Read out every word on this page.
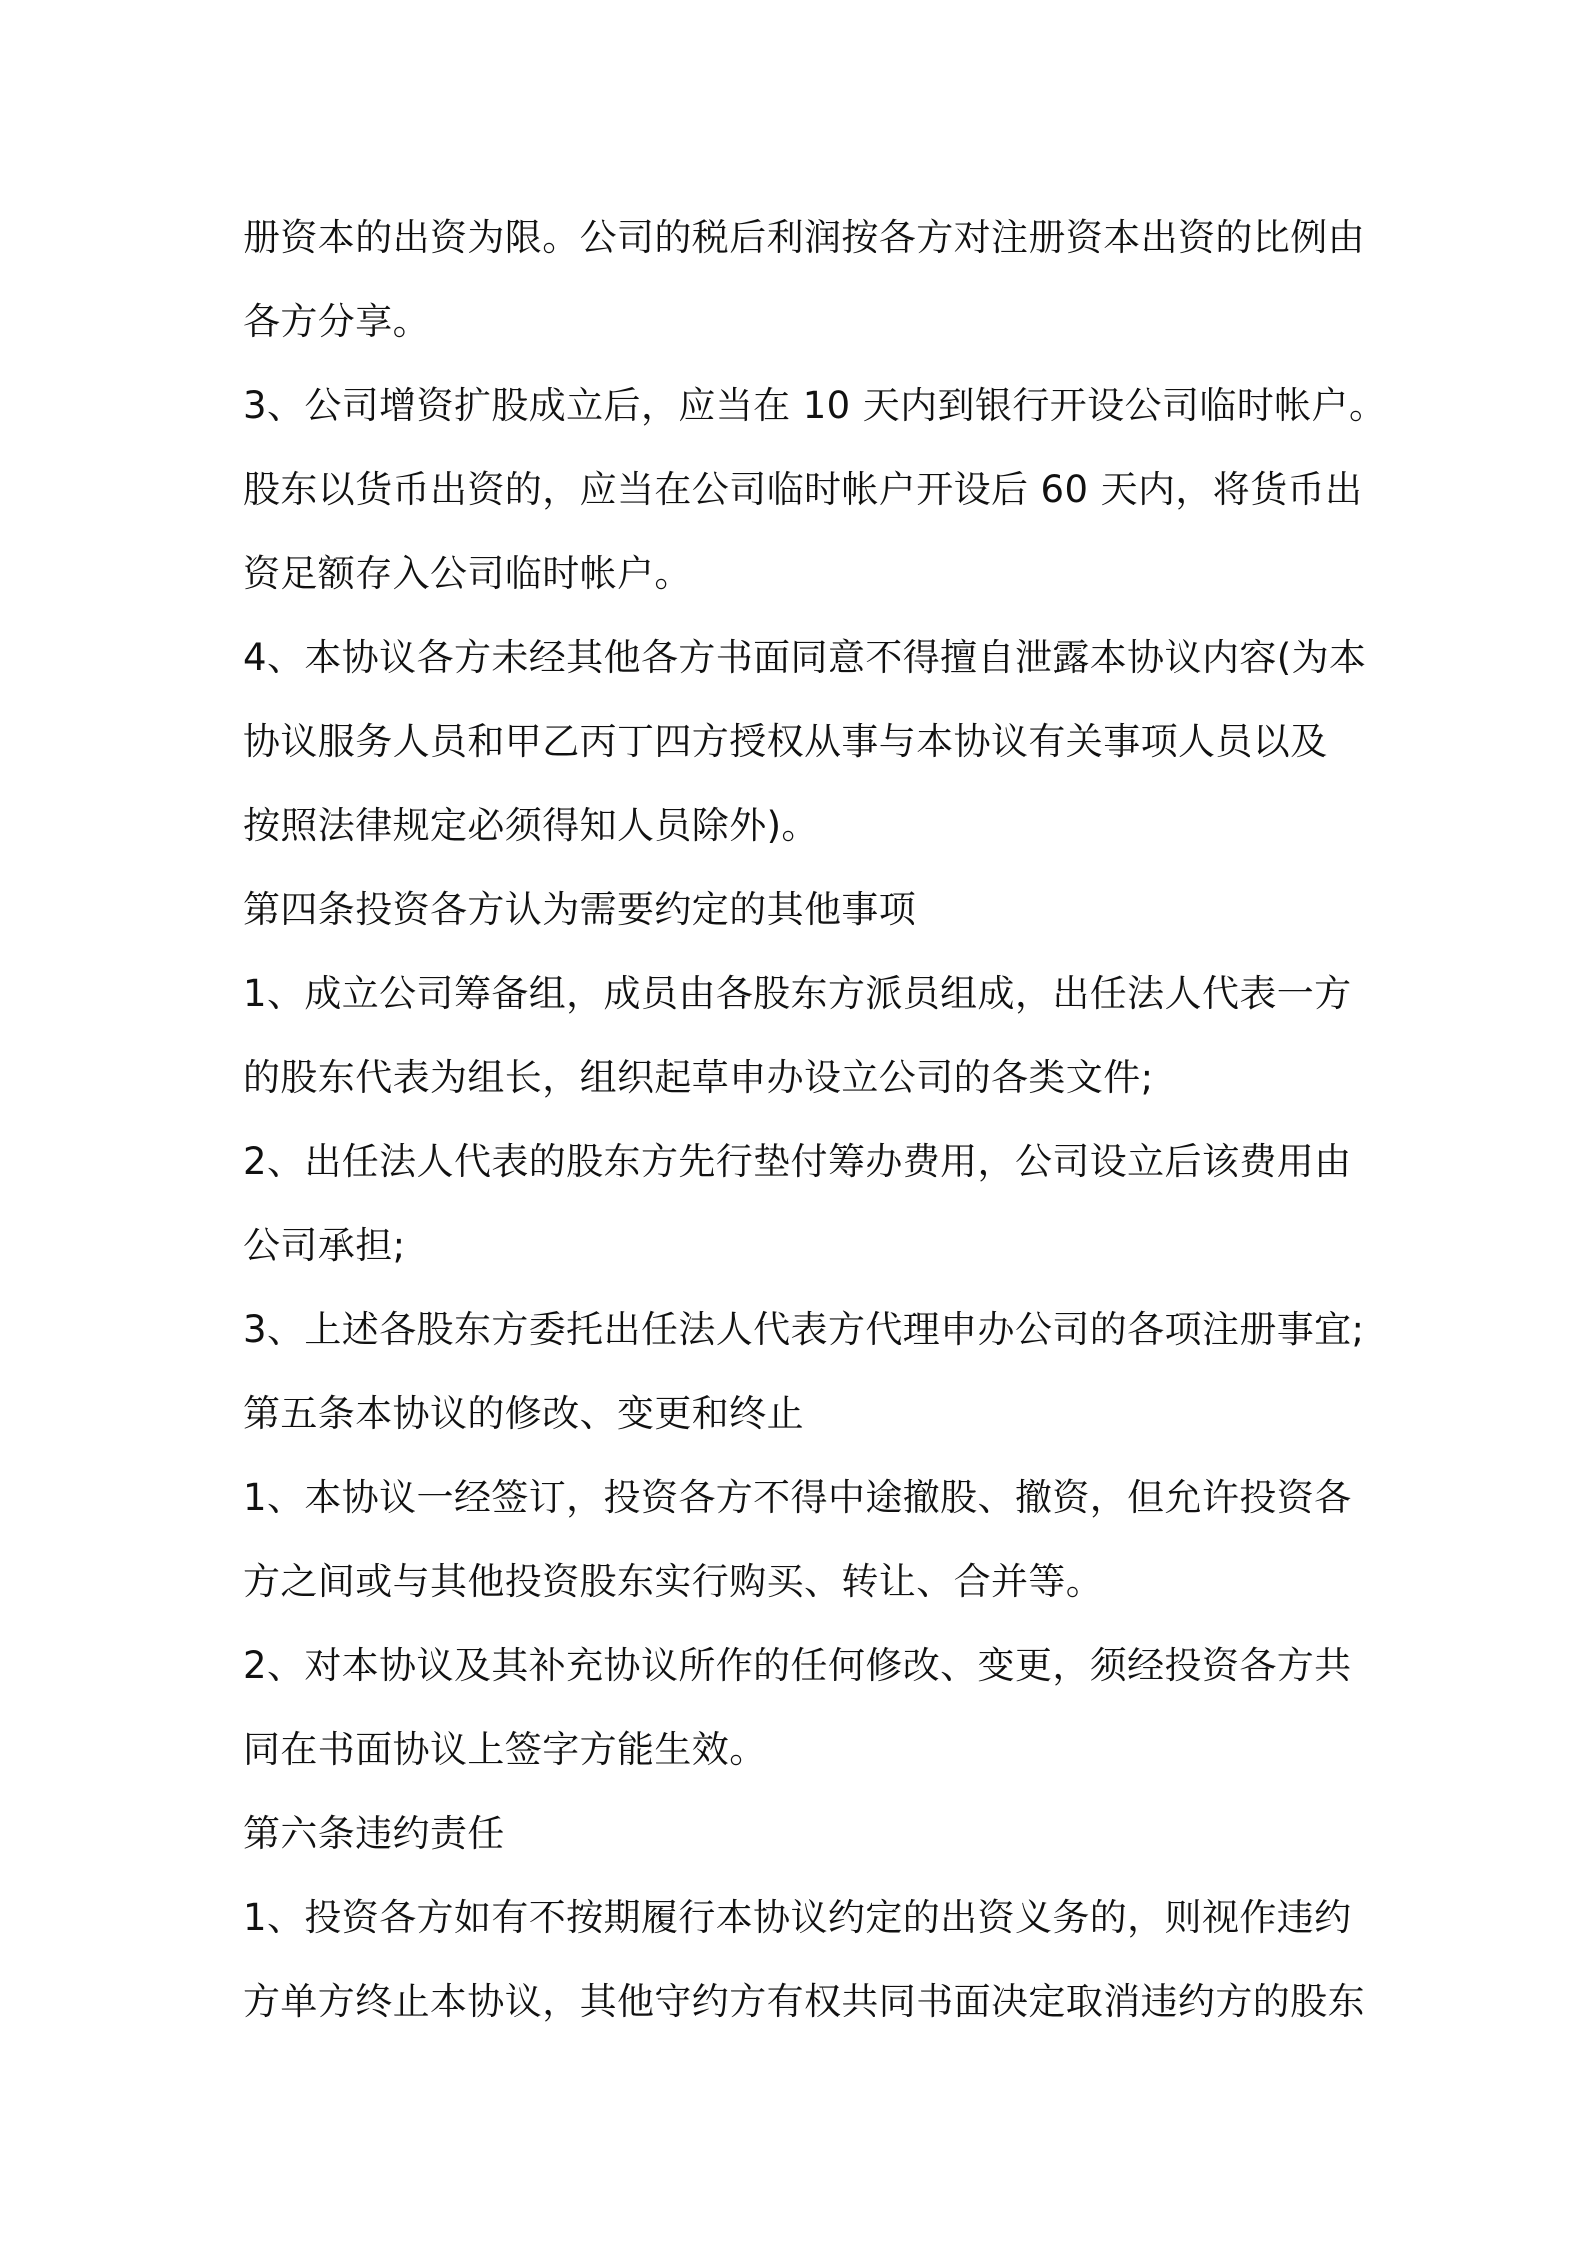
册资本的出资为限。公司的税后利润按各方对注册资本出资的比例由
各方分享。
3、公司增资扩股成立后，应当在 10 天内到银行开设公司临时帐户。
股东以货币出资的，应当在公司临时帐户开设后 60 天内，将货币出
资足额存入公司临时帐户。
4、本协议各方未经其他各方书面同意不得擅自泄露本协议内容(为本
协议服务人员和甲乙丙丁四方授权从事与本协议有关事项人员以及
按照法律规定必须得知人员除外)。
第四条投资各方认为需要约定的其他事项
1、成立公司筹备组，成员由各股东方派员组成，出任法人代表一方
的股东代表为组长，组织起草申办设立公司的各类文件;
2、出任法人代表的股东方先行垫付筹办费用，公司设立后该费用由
公司承担;
3、上述各股东方委托出任法人代表方代理申办公司的各项注册事宜;
第五条本协议的修改、变更和终止
1、本协议一经签订，投资各方不得中途撤股、撤资，但允许投资各
方之间或与其他投资股东实行购买、转让、合并等。
2、对本协议及其补充协议所作的任何修改、变更，须经投资各方共
同在书面协议上签字方能生效。
第六条违约责任
1、投资各方如有不按期履行本协议约定的出资义务的，则视作违约
方单方终止本协议，其他守约方有权共同书面决定取消违约方的股东
